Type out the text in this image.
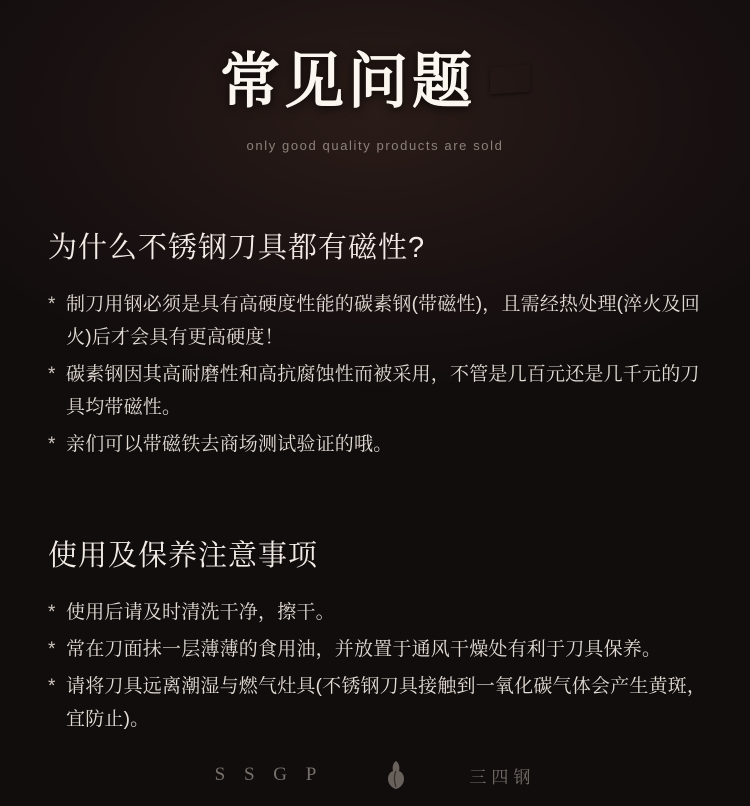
常见问题
only good quality products are sold
为什么不锈钢刀具都有磁性?
* 制刀用钢必须是具有高硬度性能的碳素钢(带磁性)，且需经热处理(淬火及回火)后才会具有更高硬度！
* 碳素钢因其高耐磨性和高抗腐蚀性而被采用，不管是几百元还是几千元的刀具均带磁性。
* 亲们可以带磁铁去商场测试验证的哦。
使用及保养注意事项
* 使用后请及时清洗干净，擦干。
* 常在刀面抹一层薄薄的食用油，并放置于通风干燥处有利于刀具保养。
* 请将刀具远离潮湿与燃气灶具(不锈钢刀具接触到一氧化碳气体会产生黄斑，宜防止)。
S S G P	三四钢
